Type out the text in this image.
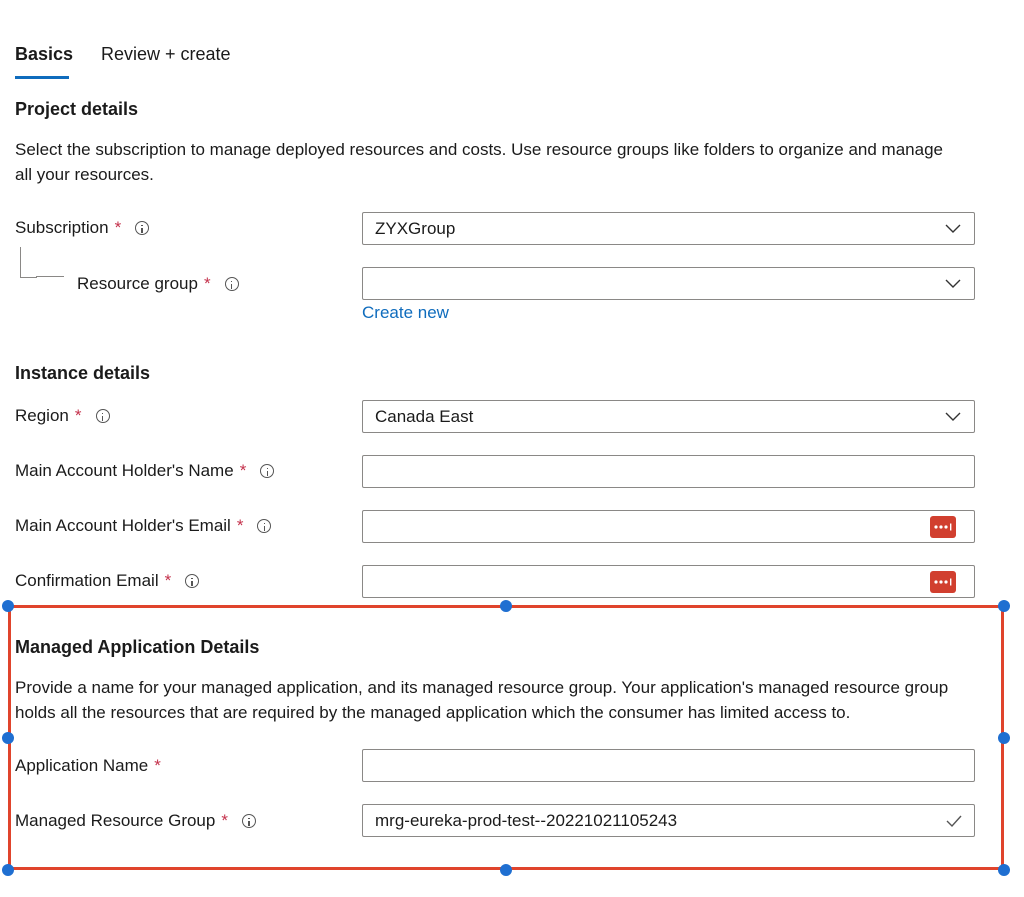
Basics Review + create
Project details
Select the subscription to manage deployed resources and costs. Use resource groups like folders to organize and manage all your resources.
Subscription *	ZYXGroup
Resource group *
Create new
Instance details
Region *	Canada East
Main Account Holder's Name *
Main Account Holder's Email *
Confirmation Email *
Managed Application Details
Provide a name for your managed application, and its managed resource group. Your application's managed resource group holds all the resources that are required by the managed application which the consumer has limited access to.
Application Name *
Managed Resource Group *	mrg-eureka-prod-test--20221021105243
